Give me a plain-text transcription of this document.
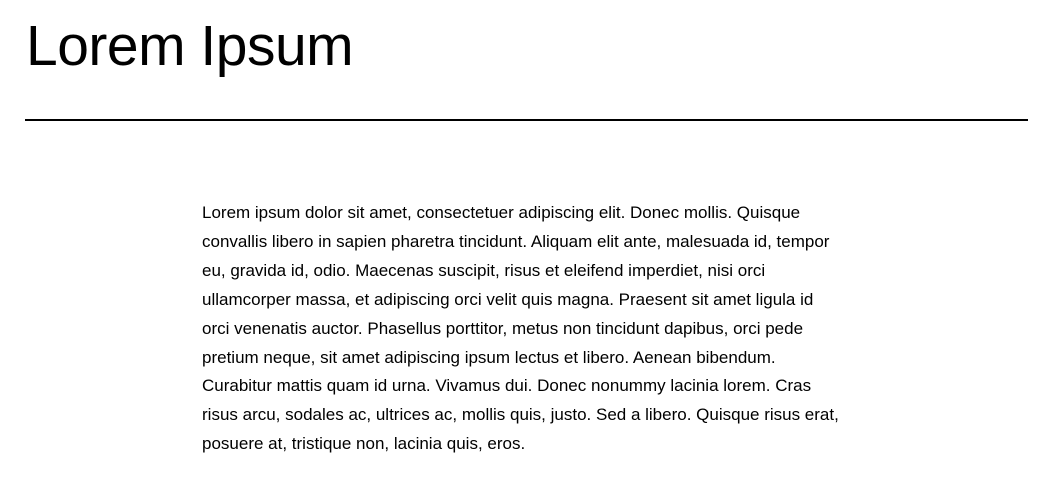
Lorem Ipsum

Lorem ipsum dolor sit amet, consectetuer adipiscing elit. Donec mollis. Quisque convallis libero in sapien pharetra tincidunt. Aliquam elit ante, malesuada id, tempor eu, gravida id, odio. Maecenas suscipit, risus et eleifend imperdiet, nisi orci ullamcorper massa, et adipiscing orci velit quis magna. Praesent sit amet ligula id orci venenatis auctor. Phasellus porttitor, metus non tincidunt dapibus, orci pede pretium neque, sit amet adipiscing ipsum lectus et libero. Aenean bibendum. Curabitur mattis quam id urna. Vivamus dui. Donec nonummy lacinia lorem. Cras risus arcu, sodales ac, ultrices ac, mollis quis, justo. Sed a libero. Quisque risus erat, posuere at, tristique non, lacinia quis, eros.
